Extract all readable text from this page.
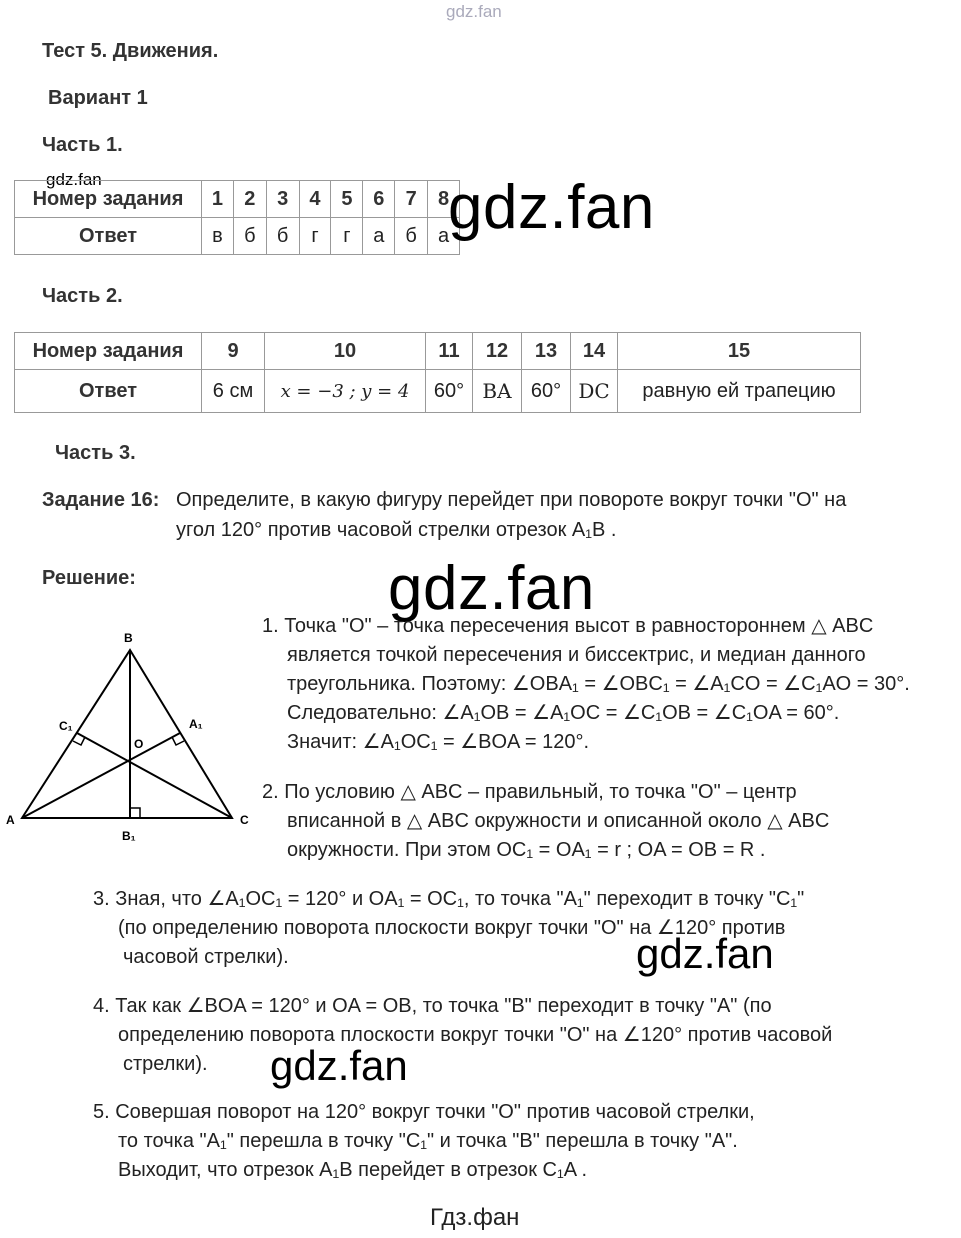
gdz.fan
Тест 5. Движения.
Вариант 1
Часть 1.
gdz.fan
Номер задания	1	2	3	4	5	6	7	8
Ответ	в	б	б	г	г	а	б	а
gdz.fan
Часть 2.
Номер задания	9	10	11	12	13	14	15
Ответ	6 см	x = −3 ; y = 4	60°	BA	60°	DC	равную ей трапецию
Часть 3.
Задание 16: Определите, в какую фигуру перейдет при повороте вокруг точки "О" на
угол 120° против часовой стрелки отрезок A₁B .
Решение:	gdz.fan
B
A	C
O
A₁
C₁
B₁
1. Точка "О" – точка пересечения высот в равностороннем △ ABC
является точкой пересечения и биссектрис, и медиан данного
треугольника. Поэтому: ∠OBA₁ = ∠OBC₁ = ∠A₁CO = ∠C₁AO = 30°.
Следовательно: ∠A₁OB = ∠A₁OC = ∠C₁OB = ∠C₁OA = 60°.
Значит: ∠A₁OC₁ = ∠BOA = 120°.
2. По условию △ ABC – правильный, то точка "O" – центр
вписанной в △ ABC окружности и описанной около △ ABC
окружности. При этом OC₁ = OA₁ = r ; OA = OB = R .
3. Зная, что ∠A₁OC₁ = 120° и OA₁ = OC₁, то точка "A₁" переходит в точку "C₁"
(по определению поворота плоскости вокруг точки "О" на ∠120° против
часовой стрелки).	gdz.fan
4. Так как ∠BOA = 120° и OA = OB, то точка "B" переходит в точку "A" (по
определению поворота плоскости вокруг точки "О" на ∠120° против часовой
стрелки).	gdz.fan
5. Совершая поворот на 120° вокруг точки "O" против часовой стрелки,
то точка "A₁" перешла в точку "C₁" и точка "B" перешла в точку "A".
Выходит, что отрезок A₁B перейдет в отрезок C₁A .
Гдз.фан
